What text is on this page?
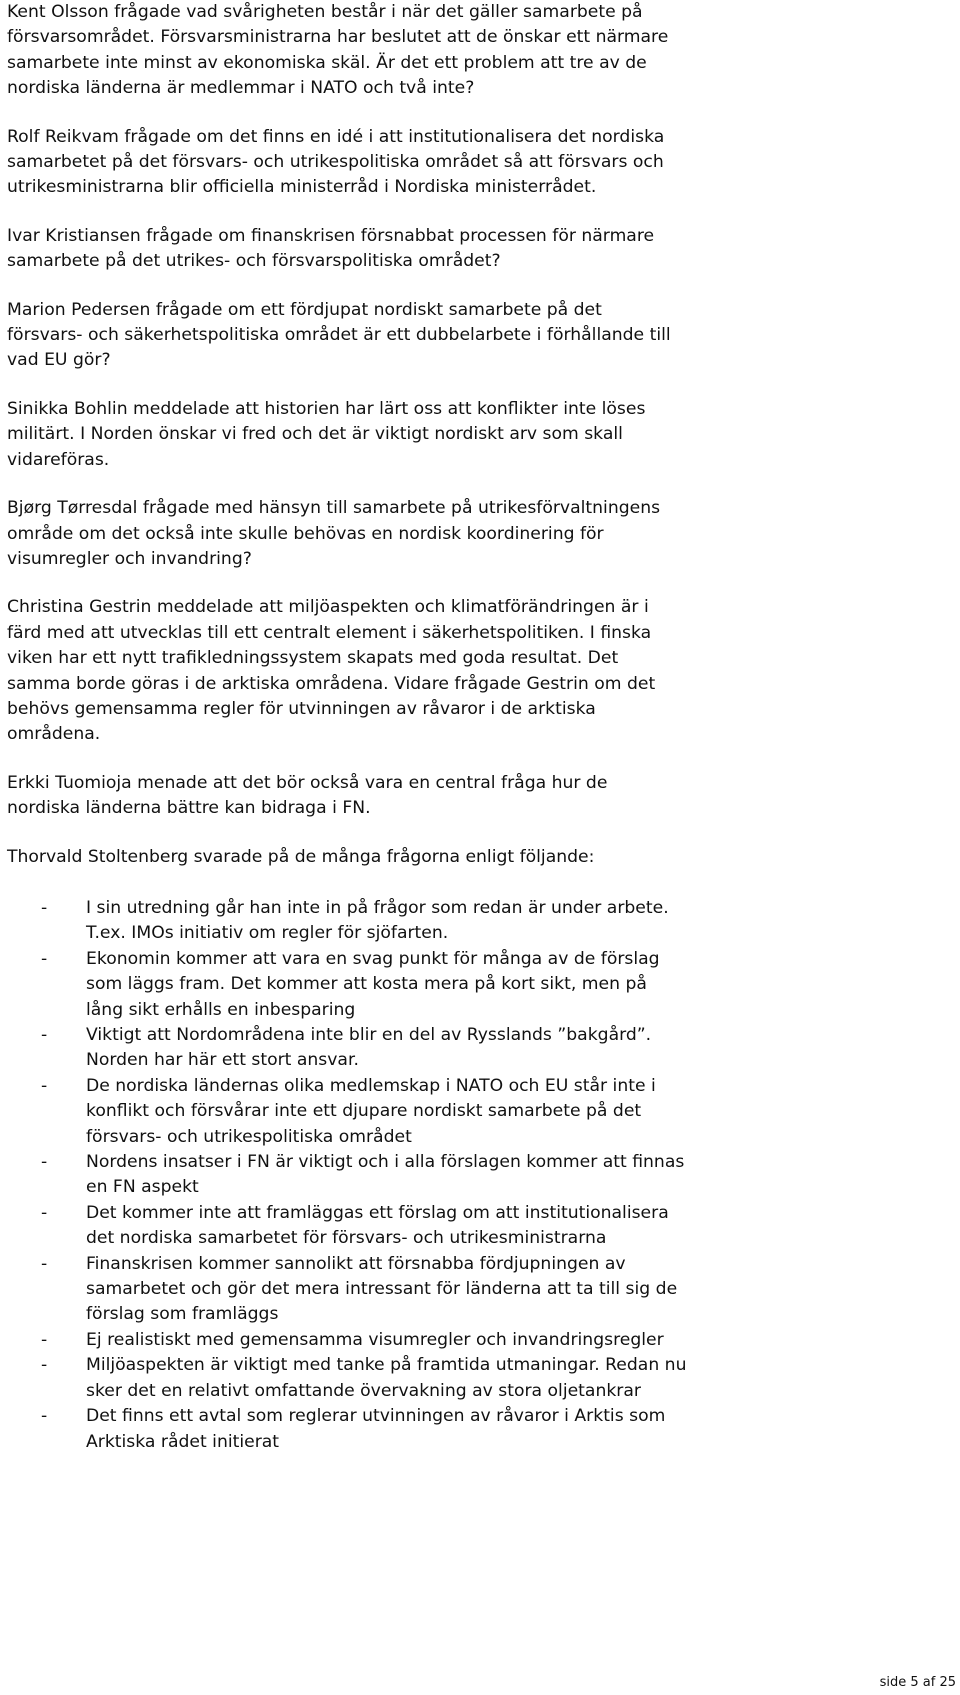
Kent Olsson frågade vad svårigheten består i när det gäller samarbete på
försvarsområdet. Försvarsministrarna har beslutet att de önskar ett närmare
samarbete inte minst av ekonomiska skäl. Är det ett problem att tre av de
nordiska länderna är medlemmar i NATO och två inte?
Rolf Reikvam frågade om det finns en idé i att institutionalisera det nordiska
samarbetet på det försvars- och utrikespolitiska området så att försvars och
utrikesministrarna blir officiella ministerråd i Nordiska ministerrådet.
Ivar Kristiansen frågade om finanskrisen försnabbat processen för närmare
samarbete på det utrikes- och försvarspolitiska området?
Marion Pedersen frågade om ett fördjupat nordiskt samarbete på det
försvars- och säkerhetspolitiska området är ett dubbelarbete i förhållande till
vad EU gör?
Sinikka Bohlin meddelade att historien har lärt oss att konflikter inte löses
militärt. I Norden önskar vi fred och det är viktigt nordiskt arv som skall
vidareföras.
Bjørg Tørresdal frågade med hänsyn till samarbete på utrikesförvaltningens
område om det också inte skulle behövas en nordisk koordinering för
visumregler och invandring?
Christina Gestrin meddelade att miljöaspekten och klimatförändringen är i
färd med att utvecklas till ett centralt element i säkerhetspolitiken. I finska
viken har ett nytt trafikledningssystem skapats med goda resultat. Det
samma borde göras i de arktiska områdena. Vidare frågade Gestrin om det
behövs gemensamma regler för utvinningen av råvaror i de arktiska
områdena.
Erkki Tuomioja menade att det bör också vara en central fråga hur de
nordiska länderna bättre kan bidraga i FN.
Thorvald Stoltenberg svarade på de många frågorna enligt följande:
- I sin utredning går han inte in på frågor som redan är under arbete.
T.ex. IMOs initiativ om regler för sjöfarten.
- Ekonomin kommer att vara en svag punkt för många av de förslag
som läggs fram. Det kommer att kosta mera på kort sikt, men på
lång sikt erhålls en inbesparing
- Viktigt att Nordområdena inte blir en del av Rysslands ”bakgård”.
Norden har här ett stort ansvar.
- De nordiska ländernas olika medlemskap i NATO och EU står inte i
konflikt och försvårar inte ett djupare nordiskt samarbete på det
försvars- och utrikespolitiska området
- Nordens insatser i FN är viktigt och i alla förslagen kommer att finnas
en FN aspekt
- Det kommer inte att framläggas ett förslag om att institutionalisera
det nordiska samarbetet för försvars- och utrikesministrarna
- Finanskrisen kommer sannolikt att försnabba fördjupningen av
samarbetet och gör det mera intressant för länderna att ta till sig de
förslag som framläggs
- Ej realistiskt med gemensamma visumregler och invandringsregler
- Miljöaspekten är viktigt med tanke på framtida utmaningar. Redan nu
sker det en relativt omfattande övervakning av stora oljetankrar
- Det finns ett avtal som reglerar utvinningen av råvaror i Arktis som
Arktiska rådet initierat
side 5 af 25
